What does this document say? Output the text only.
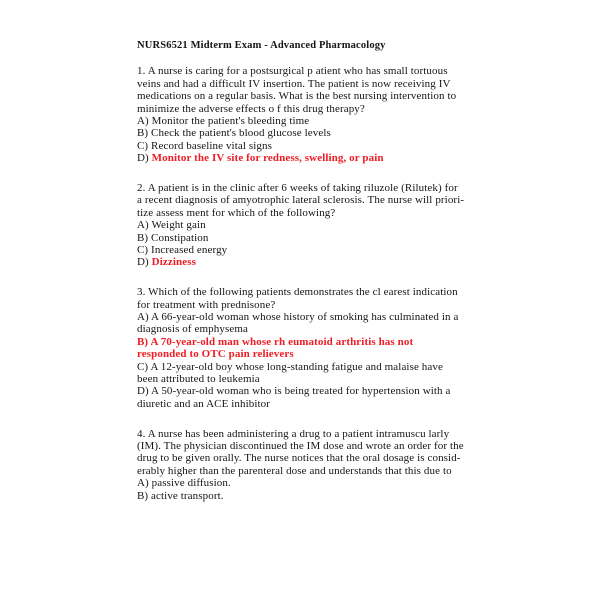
NURS6521 Midterm Exam - Advanced Pharmacology
1. A nurse is caring for a postsurgical p atient who has small tortuous
veins and had a difficult IV insertion. The patient is now receiving IV
medications on a regular basis. What is the best nursing intervention to
minimize the adverse effects o f this drug therapy?
A) Monitor the patient's bleeding time
B) Check the patient's blood glucose levels
C) Record baseline vital signs
D) Monitor the IV site for redness, swelling, or pain
2. A patient is in the clinic after 6 weeks of taking riluzole (Rilutek) for
a recent diagnosis of amyotrophic lateral sclerosis. The nurse will priori-
tize assess ment for which of the following?
A) Weight gain
B) Constipation
C) Increased energy
D) Dizziness
3. Which of the following patients demonstrates the cl earest indication
for treatment with prednisone?
A) A 66-year-old woman whose history of smoking has culminated in a
diagnosis of emphysema
B) A 70-year-old man whose rh eumatoid arthritis has not
responded to OTC pain relievers
C) A 12-year-old boy whose long-standing fatigue and malaise have
been attributed to leukemia
D) A 50-year-old woman who is being treated for hypertension with a
diuretic and an ACE inhibitor
4. A nurse has been administering a drug to a patient intramuscu larly
(IM). The physician discontinued the IM dose and wrote an order for the
drug to be given orally. The nurse notices that the oral dosage is consid-
erably higher than the parenteral dose and understands that this due to
A) passive diffusion.
B) active transport.
